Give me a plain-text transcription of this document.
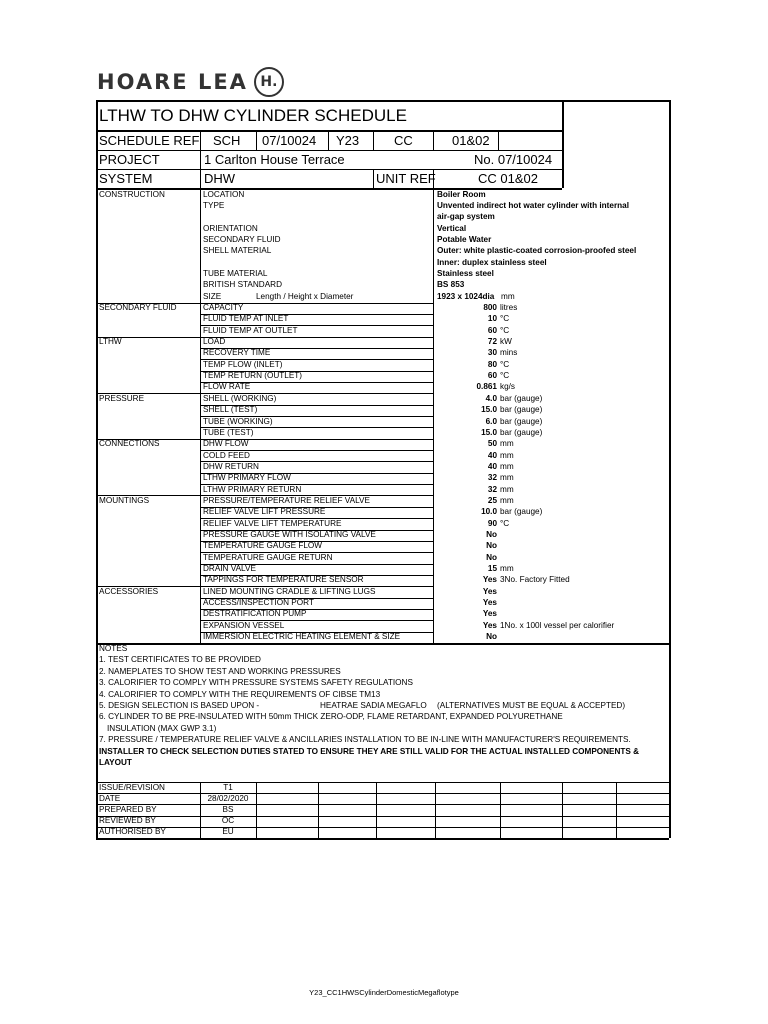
HOARE LEA H.
LTHW TO DHW CYLINDER SCHEDULE
SCHEDULE REF SCH 07/10024 Y23	CC	01&02
PROJECT	1 Carlton House Terrace	No. 07/10024
SYSTEM	DHW	UNIT REF	CC 01&02
CONSTRUCTION	LOCATION	Boiler Room
TYPE	Unvented indirect hot water cylinder with internal
air-gap system
ORIENTATION	Vertical
SECONDARY FLUID	Potable Water
SHELL MATERIAL	Outer: white plastic-coated corrosion-proofed steel
Inner: duplex stainless steel
TUBE MATERIAL	Stainless steel
BRITISH STANDARD	BS 853
SIZE	Length / Height x Diameter	1923 x 1024dia mm
SECONDARY FLUID	CAPACITY	800 litres
FLUID TEMP AT INLET	10 °C
FLUID TEMP AT OUTLET	60 °C
LTHW	LOAD	72 kW
RECOVERY TIME	30 mins
TEMP FLOW (INLET)	80 °C
TEMP RETURN (OUTLET)	60 °C
FLOW RATE	0.861 kg/s
PRESSURE	SHELL (WORKING)	4.0 bar (gauge)
SHELL (TEST)	15.0 bar (gauge)
TUBE (WORKING)	6.0 bar (gauge)
TUBE (TEST)	15.0 bar (gauge)
CONNECTIONS	DHW FLOW	50 mm
COLD FEED	40 mm
DHW RETURN	40 mm
LTHW PRIMARY FLOW	32 mm
LTHW PRIMARY RETURN	32 mm
MOUNTINGS	PRESSURE/TEMPERATURE RELIEF VALVE	25 mm
RELIEF VALVE LIFT PRESSURE	10.0 bar (gauge)
RELIEF VALVE LIFT TEMPERATURE	90 °C
PRESSURE GAUGE WITH ISOLATING VALVE	No
TEMPERATURE GAUGE FLOW	No
TEMPERATURE GAUGE RETURN	No
DRAIN VALVE	15 mm
TAPPINGS FOR TEMPERATURE SENSOR	Yes 3No. Factory Fitted
ACCESSORIES	LINED MOUNTING CRADLE & LIFTING LUGS	Yes
ACCESS/INSPECTION PORT	Yes
DESTRATIFICATION PUMP	Yes
EXPANSION VESSEL	Yes 1No. x 100l vessel per calorifier
IMMERSION ELECTRIC HEATING ELEMENT & SIZE	No
NOTES
1. TEST CERTIFICATES TO BE PROVIDED
2. NAMEPLATES TO SHOW TEST AND WORKING PRESSURES
3. CALORIFIER TO COMPLY WITH PRESSURE SYSTEMS SAFETY REGULATIONS
4. CALORIFIER TO COMPLY WITH THE REQUIREMENTS OF CIBSE TM13
5. DESIGN SELECTION IS BASED UPON -	HEATRAE SADIA MEGAFLO (ALTERNATIVES MUST BE EQUAL & ACCEPTED)
6. CYLINDER TO BE PRE-INSULATED WITH 50mm THICK ZERO-ODP, FLAME RETARDANT, EXPANDED POLYURETHANE
INSULATION (MAX GWP 3.1)
7. PRESSURE / TEMPERATURE RELIEF VALVE & ANCILLARIES INSTALLATION TO BE IN-LINE WITH MANUFACTURER'S REQUIREMENTS.
INSTALLER TO CHECK SELECTION DUTIES STATED TO ENSURE THEY ARE STILL VALID FOR THE ACTUAL INSTALLED COMPONENTS &
LAYOUT
ISSUE/REVISION	T1
DATE	28/02/2020
PREPARED BY	BS
REVIEWED BY	OC
AUTHORISED BY	EU
Y23_CC1HWSCylinderDomesticMegaflotype
